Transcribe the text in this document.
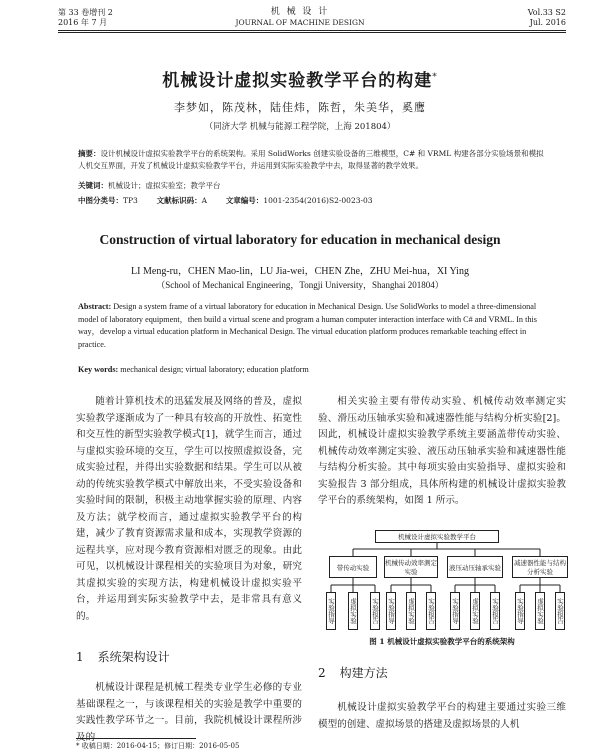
第 33 卷增刊 2
2016 年 7 月
机 械 设 计
JOURNAL OF MACHINE DESIGN
Vol.33 S2
Jul. 2016
机械设计虚拟实验教学平台的构建*
李梦如，陈茂林，陆佳炜，陈哲，朱美华，奚鹰
（同济大学 机械与能源工程学院，上海 201804）
摘要：设计机械设计虚拟实验教学平台的系统架构。采用 SolidWorks 创建实验设备的三维模型，C# 和 VRML 构建各部分实验场景和模拟人机交互界面，开发了机械设计虚拟实验教学平台，并运用到实际实验教学中去，取得显著的教学效果。
关键词：机械设计；虚拟实验室；教学平台
中图分类号：TP3	文献标识码：A	文章编号：1001-2354(2016)S2-0023-03
Construction of virtual laboratory for education in mechanical design
LI Meng-ru，CHEN Mao-lin，LU Jia-wei，CHEN Zhe，ZHU Mei-hua，XI Ying
（School of Mechanical Engineering，Tongji University，Shanghai 201804）
Abstract: Design a system frame of a virtual laboratory for education in Mechanical Design. Use SolidWorks to model a three-dimensional model of laboratory equipment，then build a virtual scene and program a human computer interaction interface with C# and VRML. In this way，develop a virtual education platform in Mechanical Design. The virtual education platform produces remarkable teaching effect in practice.
Key words: mechanical design; virtual laboratory; education platform

随着计算机技术的迅猛发展及网络的普及，虚拟实验教学逐渐成为了一种具有较高的开放性、拓宽性和交互性的新型实验教学模式[1]，就学生而言，通过与虚拟实验环境的交互，学生可以按照虚拟设备，完成实验过程，并得出实验数据和结果。学生可以从被动的传统实验教学模式中解放出来，不受实验设备和实验时间的限制，积极主动地掌握实验的原理、内容及方法；就学校而言，通过虚拟实验教学平台的构建，减少了教育资源需求量和成本，实现教学资源的远程共享，应对现今教育资源相对匮乏的现象。由此可见，以机械设计课程相关的实验项目为对象，研究其虚拟实验的实现方法，构建机械设计虚拟实验平台，并运用到实际实验教学中去，是非常具有意义的。

1 系统架构设计

机械设计课程是机械工程类专业学生必修的专业基础课程之一，与该课程相关的实验是教学中重要的实践性教学环节之一。目前，我院机械设计课程所涉及的

相关实验主要有带传动实验、机械传动效率测定实验、滑压动压轴承实验和减速器性能与结构分析实验[2]。因此，机械设计虚拟实验教学系统主要涵盖带传动实验、机械传动效率测定实验、液压动压轴承实验和减速器性能与结构分析实验。其中每项实验由实验指导、虚拟实验和实验报告 3 部分组成，具体所构建的机械设计虚拟实验教学平台的系统架构，如图 1 所示。

机械设计虚拟实验教学平台
带传动实验
机械传动效率测定实验
液压动压轴承实验
减速器性能与结构分析实验
实验指导 虚拟实验 实验报告 实验指导 虚拟实验 实验报告 实验指导 虚拟实验 实验报告	实验指导 虚拟实验 实验报告
图 1 机械设计虚拟实验教学平台的系统架构
2 构建方法

机械设计虚拟实验教学平台的构建主要通过实验三维模型的创建、虚拟场景的搭建及虚拟场景的人机

* 收稿日期：2016-04-15；修订日期：2016-05-05
